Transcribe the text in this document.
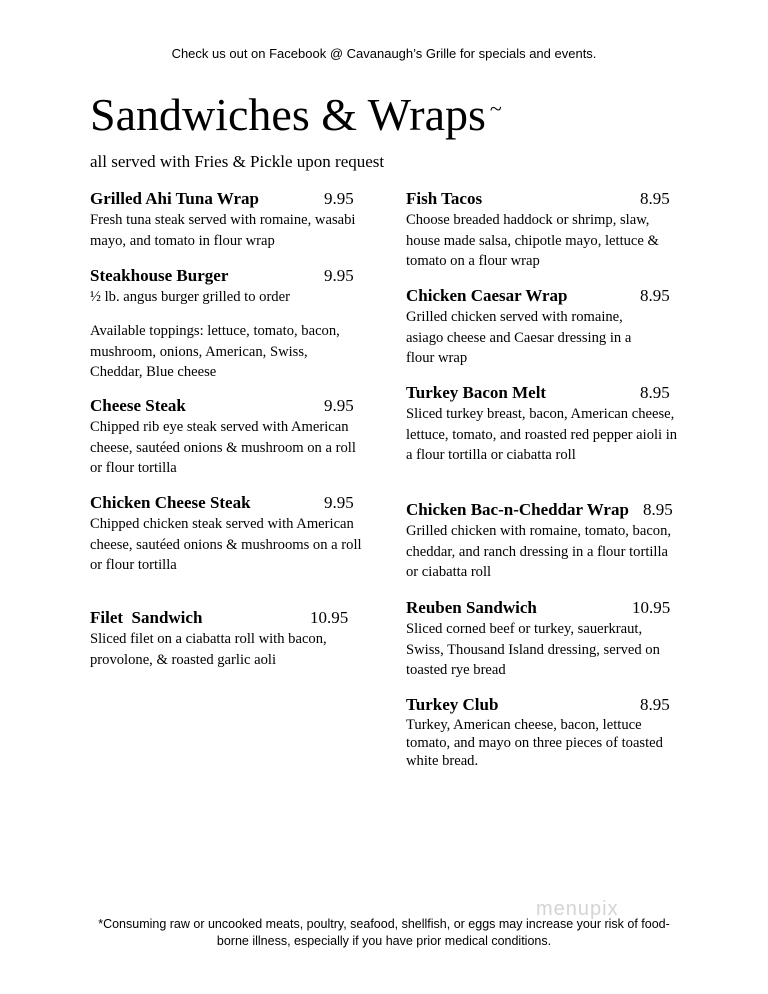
Check us out on Facebook @ Cavanaugh’s Grille for specials and events.
Sandwiches & Wraps ~
all served with Fries & Pickle upon request
Grilled Ahi Tuna Wrap	9.95
Fresh tuna steak served with romaine, wasabi mayo, and tomato in flour wrap
Steakhouse Burger	9.95
½ lb. angus burger grilled to order
Available toppings: lettuce, tomato, bacon, mushroom, onions, American, Swiss, Cheddar, Blue cheese
Cheese Steak	9.95
Chipped rib eye steak served with American cheese, sautéed onions & mushroom on a roll or flour tortilla
Chicken Cheese Steak	9.95
Chipped chicken steak served with American cheese, sautéed onions & mushrooms on a roll or flour tortilla
Filet  Sandwich	10.95
Sliced filet on a ciabatta roll with bacon, provolone, & roasted garlic aoli
Fish Tacos	8.95
Choose breaded haddock or shrimp, slaw, house made salsa, chipotle mayo, lettuce & tomato on a flour wrap
Chicken Caesar Wrap	8.95
Grilled chicken served with romaine, asiago cheese and Caesar dressing in a flour wrap
Turkey Bacon Melt	8.95
Sliced turkey breast, bacon, American cheese, lettuce, tomato, and roasted red pepper aioli in a flour tortilla or ciabatta roll
Chicken Bac-n-Cheddar Wrap 8.95
Grilled chicken with romaine, tomato, bacon, cheddar, and ranch dressing in a flour tortilla or ciabatta roll
Reuben Sandwich	10.95
Sliced corned beef or turkey, sauerkraut, Swiss, Thousand Island dressing, served on toasted rye bread
Turkey Club	8.95
Turkey, American cheese, bacon, lettuce tomato, and mayo on three pieces of toasted white bread.
menupix
*Consuming raw or uncooked meats, poultry, seafood, shellfish, or eggs may increase your risk of food-
borne illness, especially if you have prior medical conditions.
